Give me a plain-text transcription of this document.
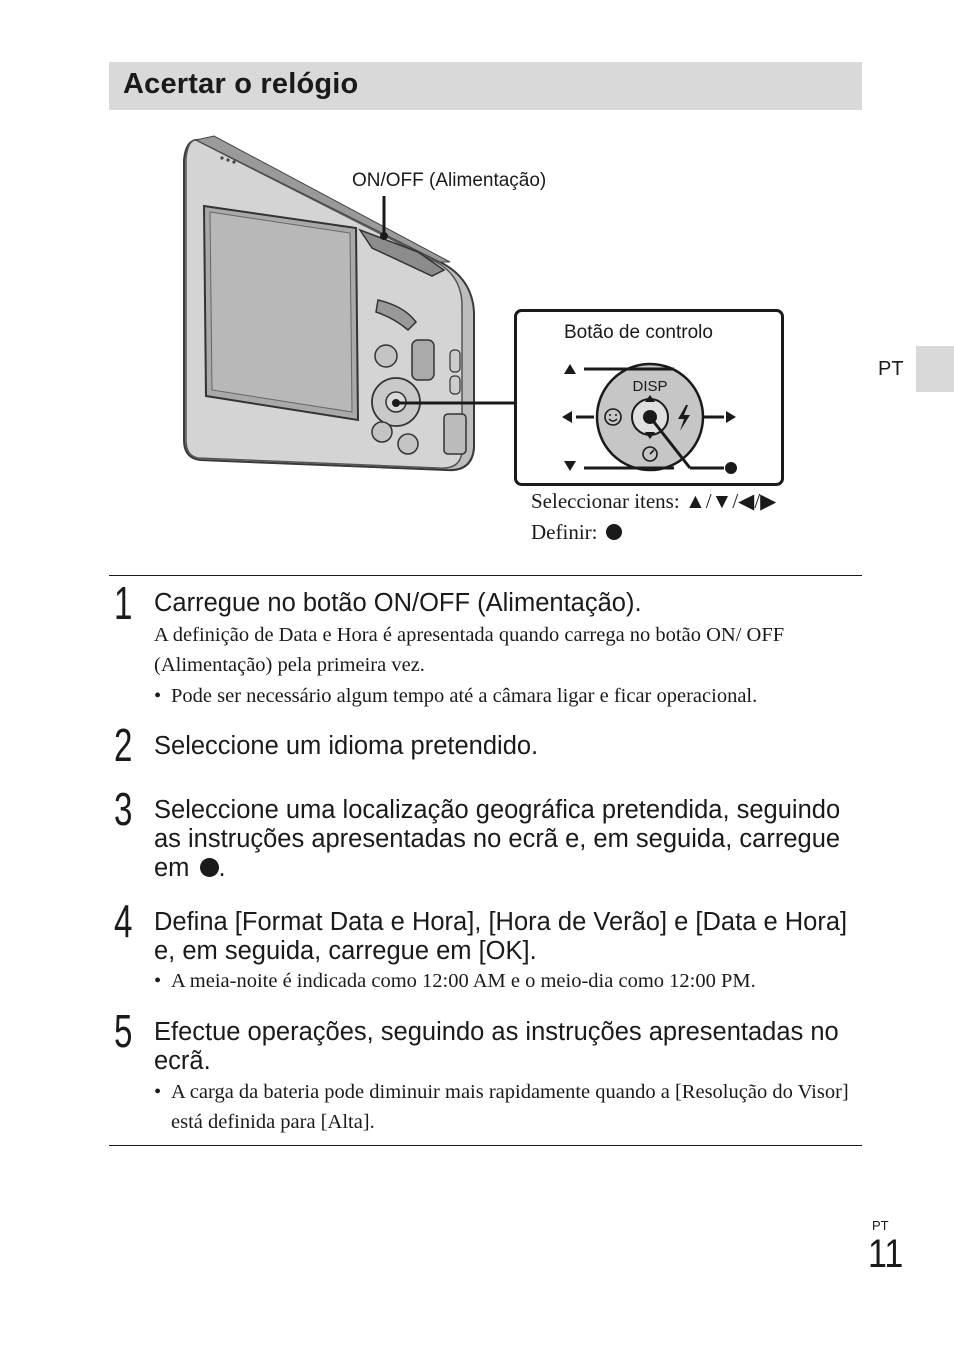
Acertar o relógio
PT
DISP
ON/OFF (Alimentação)
Botão de controlo
Seleccionar itens: ▲/▼/◀/▶
Definir:
1 Carregue no botão ON/OFF (Alimentação).
A definição de Data e Hora é apresentada quando carrega no botão ON/ OFF (Alimentação) pela primeira vez.
• Pode ser necessário algum tempo até a câmara ligar e ficar operacional.
2 Seleccione um idioma pretendido.
3 Seleccione uma localização geográfica pretendida, seguindo as instruções apresentadas no ecrã e, em seguida, carregue em .
4 Defina [Format Data e Hora], [Hora de Verão] e [Data e Hora] e, em seguida, carregue em [OK].
• A meia-noite é indicada como 12:00 AM e o meio-dia como 12:00 PM.
5 Efectue operações, seguindo as instruções apresentadas no ecrã.
• A carga da bateria pode diminuir mais rapidamente quando a [Resolução do Visor] está definida para [Alta].
PT
11
